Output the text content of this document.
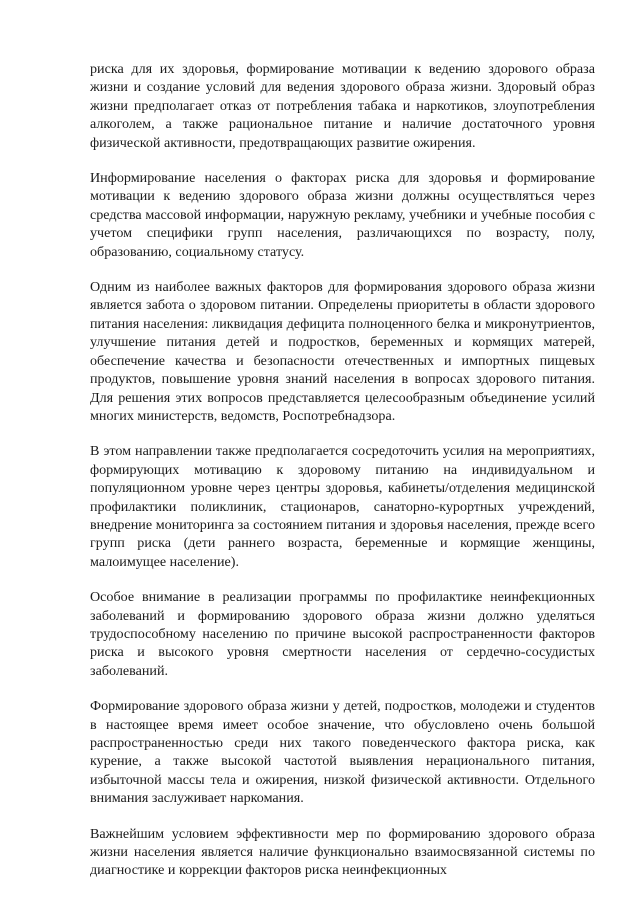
риска для их здоровья, формирование мотивации к ведению здорового образа жизни и создание условий для ведения здорового образа жизни. Здоровый образ жизни предполагает отказ от потребления табака и наркотиков, злоупотребления алкоголем, а также рациональное питание и наличие достаточного уровня физической активности, предотвращающих развитие ожирения.

Информирование населения о факторах риска для здоровья и формирование мотивации к ведению здорового образа жизни должны осуществляться через средства массовой информации, наружную рекламу, учебники и учебные пособия с учетом специфики групп населения, различающихся по возрасту, полу, образованию, социальному статусу.

Одним из наиболее важных факторов для формирования здорового образа жизни является забота о здоровом питании. Определены приоритеты в области здорового питания населения: ликвидация дефицита полноценного белка и микронутриентов, улучшение питания детей и подростков, беременных и кормящих матерей, обеспечение качества и безопасности отечественных и импортных пищевых продуктов, повышение уровня знаний населения в вопросах здорового питания. Для решения этих вопросов представляется целесообразным объединение усилий многих министерств, ведомств, Роспотребнадзора.

В этом направлении также предполагается сосредоточить усилия на мероприятиях, формирующих мотивацию к здоровому питанию на индивидуальном и популяционном уровне через центры здоровья, кабинеты/отделения медицинской профилактики поликлиник, стационаров, санаторно-курортных учреждений, внедрение мониторинга за состоянием питания и здоровья населения, прежде всего групп риска (дети раннего возраста, беременные и кормящие женщины, малоимущее население).

Особое внимание в реализации программы по профилактике неинфекционных заболеваний и формированию здорового образа жизни должно уделяться трудоспособному населению по причине высокой распространенности факторов риска и высокого уровня смертности населения от сердечно-сосудистых заболеваний.

Формирование здорового образа жизни у детей, подростков, молодежи и студентов в настоящее время имеет особое значение, что обусловлено очень большой распространенностью среди них такого поведенческого фактора риска, как курение, а также высокой частотой выявления нерационального питания, избыточной массы тела и ожирения, низкой физической активности. Отдельного внимания заслуживает наркомания.

Важнейшим условием эффективности мер по формированию здорового образа жизни населения является наличие функционально взаимосвязанной системы по диагностике и коррекции факторов риска неинфекционных
